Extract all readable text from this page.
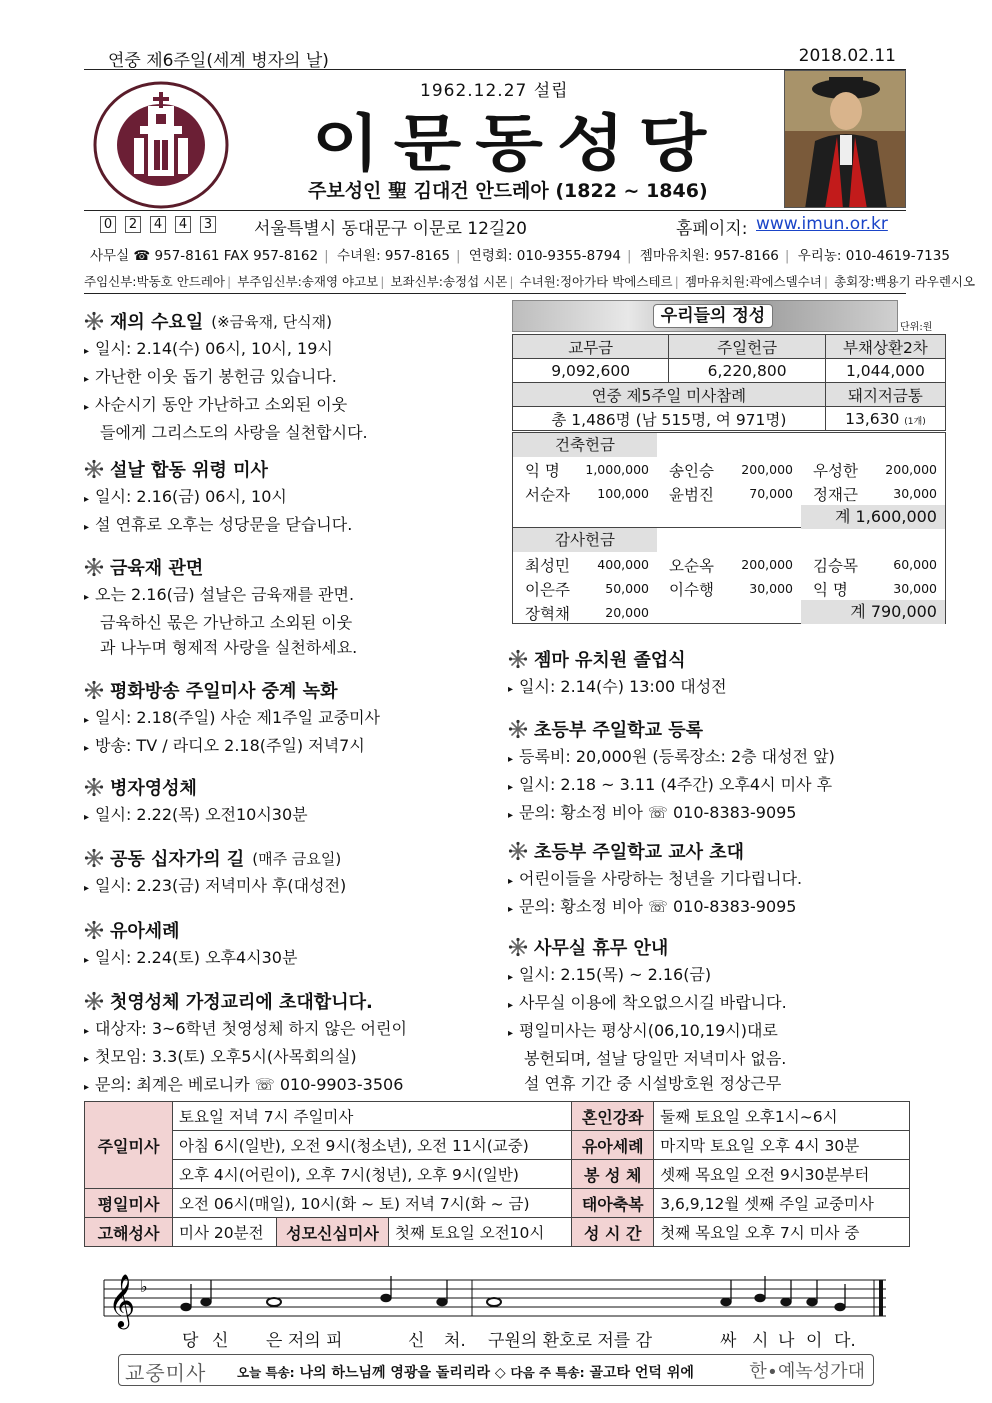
연중 제6주일(세계 병자의 날)	2018.02.11
1962.12.27 설립
이문동성당
주보성인 聖 김대건 안드레아 (1822 ~ 1846)
0 2 4 4 3 서울특별시 동대문구 이문로 12길20	홈페이지: www.imun.or.kr
사무실 ☎ 957-8161 FAX 957-8162 | 수녀원: 957-8165 | 연령회: 010-9355-8794 | 젬마유치원: 957-8166 | 우리농: 010-4619-7135
주임신부:박동호 안드레아 | 부주임신부:송재영 야고보 | 보좌신부:송정섭 시몬 | 수녀원:정아가타 박에스테르 | 젬마유치원:곽에스델수녀 | 총회장:백용기 라우렌시오
재의 수요일 (※금육재, 단식재)
▸ 일시: 2.14(수) 06시, 10시, 19시
▸ 가난한 이웃 돕기 봉헌금 있습니다.
▸ 사순시기 동안 가난하고 소외된 이웃
들에게 그리스도의 사랑을 실천합시다.
설날 합동 위령 미사
▸ 일시: 2.16(금) 06시, 10시
▸ 설 연휴로 오후는 성당문을 닫습니다.
금육재 관면
▸ 오는 2.16(금) 설날은 금육재를 관면.
금육하신 몫은 가난하고 소외된 이웃
과 나누며 형제적 사랑을 실천하세요.
평화방송 주일미사 중계 녹화
▸ 일시: 2.18(주일) 사순 제1주일 교중미사
▸ 방송: TV / 라디오 2.18(주일) 저녁7시
병자영성체
▸ 일시: 2.22(목) 오전10시30분
공동 십자가의 길 (매주 금요일)
▸ 일시: 2.23(금) 저녁미사 후(대성전)
유아세례
▸ 일시: 2.24(토) 오후4시30분
첫영성체 가정교리에 초대합니다.
▸ 대상자: 3~6학년 첫영성체 하지 않은 어린이
▸ 첫모임: 3.3(토) 오후5시(사목회의실)
▸ 문의: 최계은 베로니카 ☏ 010-9903-3506
우리들의 정성
단위:원
교무금	주일헌금	부채상환2차
9,092,600	6,220,800	1,044,000
연중 제5주일 미사참례		돼지저금통
총 1,486명 (남 515명, 여 971명)		13,630 (1개)
건축헌금
익 명 1,000,000 송인승 200,000 우성한 200,000
서순자 100,000 윤범진	70,000 정재근	30,000
계 1,600,000
감사헌금
최성민 400,000 오순옥 200,000 김승목	60,000
이은주	50,000 이수행	30,000 익 명	30,000
장혁채	20,000	계 790,000
젬마 유치원 졸업식
▸ 일시: 2.14(수) 13:00 대성전
초등부 주일학교 등록
▸ 등록비: 20,000원 (등록장소: 2층 대성전 앞)
▸ 일시: 2.18 ~ 3.11 (4주간) 오후4시 미사 후
▸ 문의: 황소정 비아 ☏ 010-8383-9095
초등부 주일학교 교사 초대
▸ 어린이들을 사랑하는 청년을 기다립니다.
▸ 문의: 황소정 비아 ☏ 010-8383-9095
사무실 휴무 안내
▸ 일시: 2.15(목) ~ 2.16(금)
▸ 사무실 이용에 착오없으시길 바랍니다.
▸ 평일미사는 평상시(06,10,19시)대로
봉헌되며, 설날 당일만 저녁미사 없음.
설 연휴 기간 중 시설방호원 정상근무
주일미사	토요일 저녁 7시 주일미사			혼인강좌	둘째 토요일 오후1시~6시
	아침 6시(일반), 오전 9시(청소년), 오전 11시(교중)			유아세례	마지막 토요일 오후 4시 30분
	오후 4시(어린이), 오후 7시(청년), 오후 9시(일반)			봉 성 체	셋째 목요일 오전 9시30분부터
평일미사	오전 06시(매일), 10시(화 ~ 토) 저녁 7시(화 ~ 금)			태아축복	3,6,9,12월 셋째 주일 교중미사
고해성사	미사 20분전	성모신심미사	첫째 토요일 오전10시	성 시 간	첫째 목요일 오후 7시 미사 중
𝄞 ♭
당 신 은 저의 피	신 처. 구원의 환호로 저를 감	싸 시 나 이 다.
교중미사 오늘 특송: 나의 하느님께 영광을 돌리리라 ◇ 다음 주 특송: 골고타 언덕 위에	한∙예녹성가대
